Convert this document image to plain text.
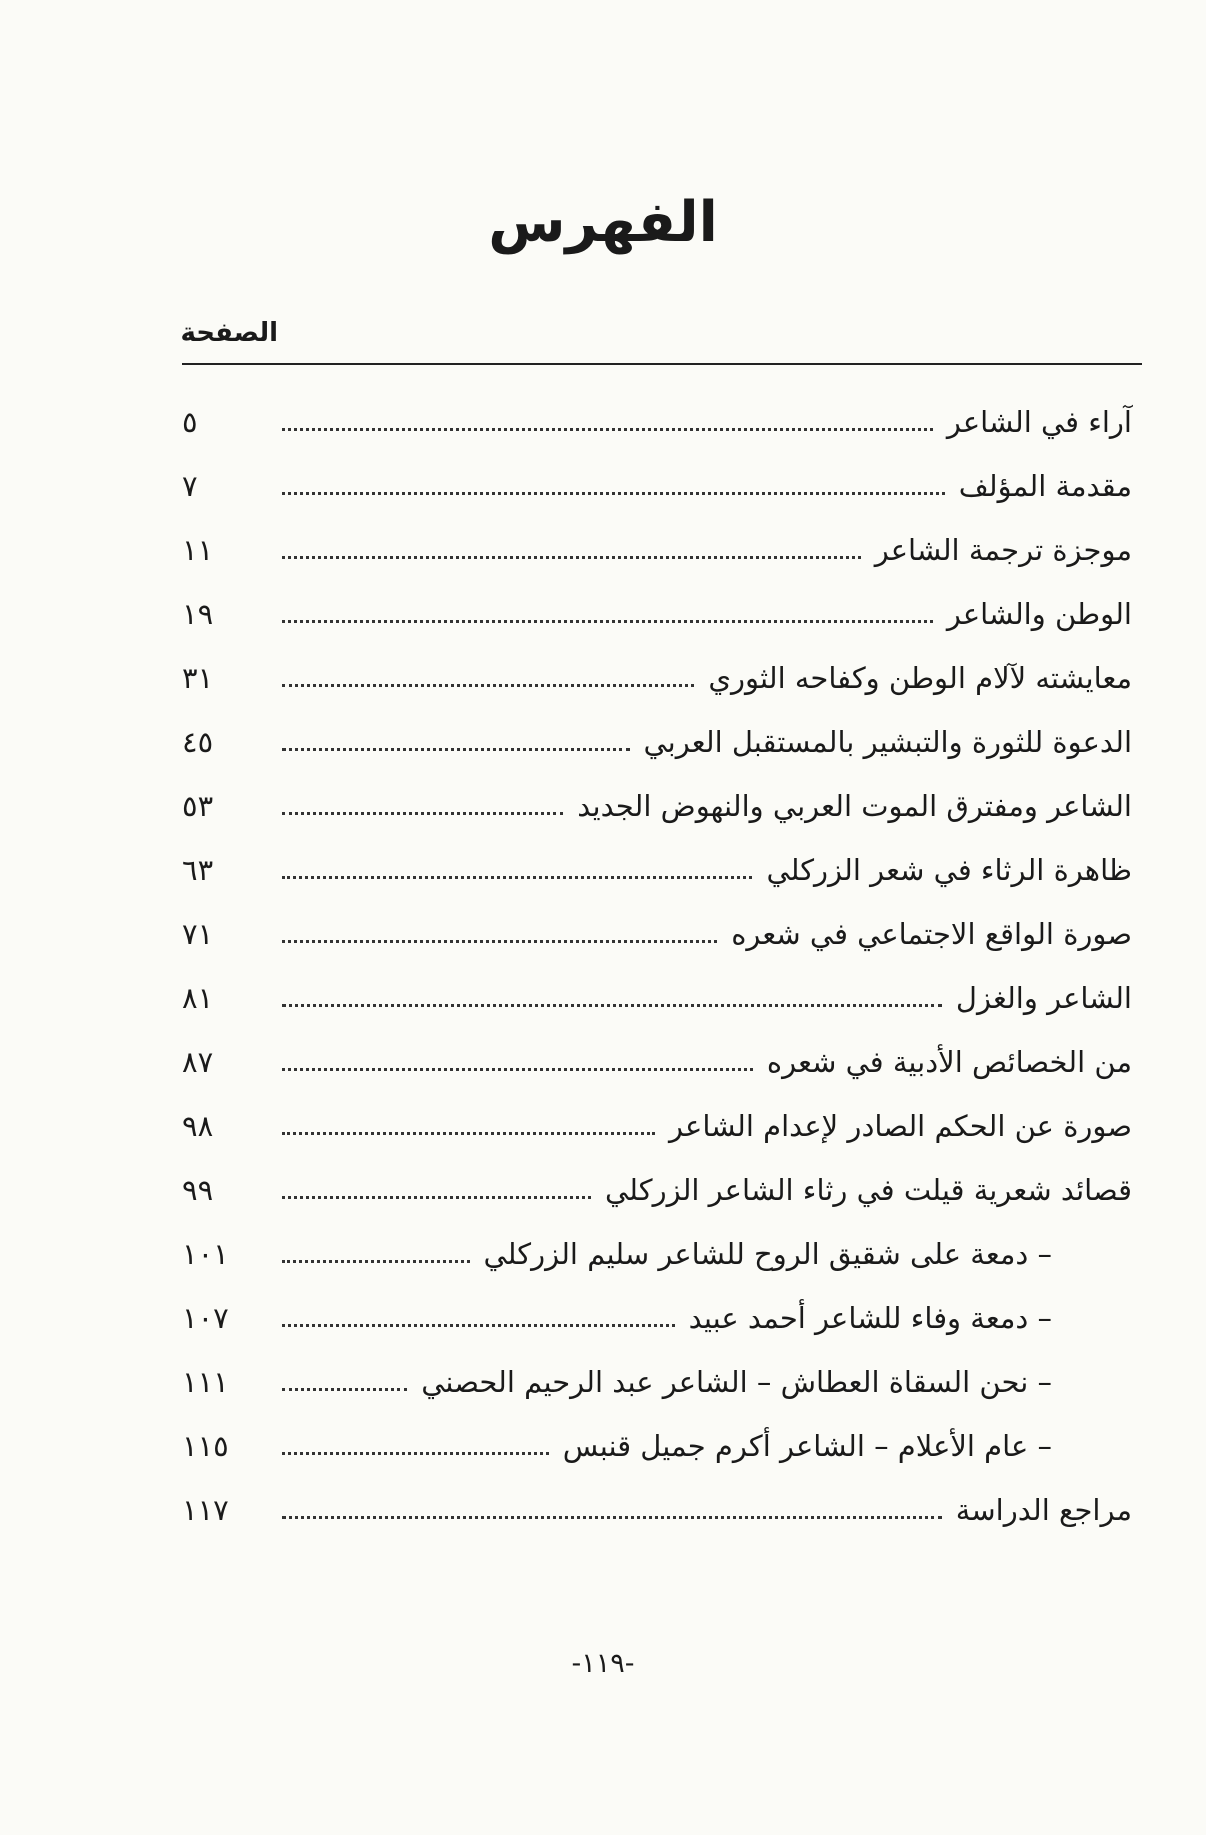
الفهرس
الصفحة
آراء في الشاعر
٥
مقدمة المؤلف
٧
موجزة ترجمة الشاعر
١١
الوطن والشاعر
١٩
معايشته لآلام الوطن وكفاحه الثوري
٣١
الدعوة للثورة والتبشير بالمستقبل العربي
٤٥
الشاعر ومفترق الموت العربي والنهوض الجديد
٥٣
ظاهرة الرثاء في شعر الزركلي
٦٣
صورة الواقع الاجتماعي في شعره
٧١
الشاعر والغزل
٨١
من الخصائص الأدبية في شعره
٨٧
صورة عن الحكم الصادر لإعدام الشاعر
٩٨
قصائد شعرية قيلت في رثاء الشاعر الزركلي
٩٩
– دمعة على شقيق الروح للشاعر سليم الزركلي
١٠١
– دمعة وفاء للشاعر أحمد عبيد
١٠٧
– نحن السقاة العطاش – الشاعر عبد الرحيم الحصني
١١١
– عام الأعلام – الشاعر أكرم جميل قنبس
١١٥
مراجع الدراسة
١١٧
-١١٩-
